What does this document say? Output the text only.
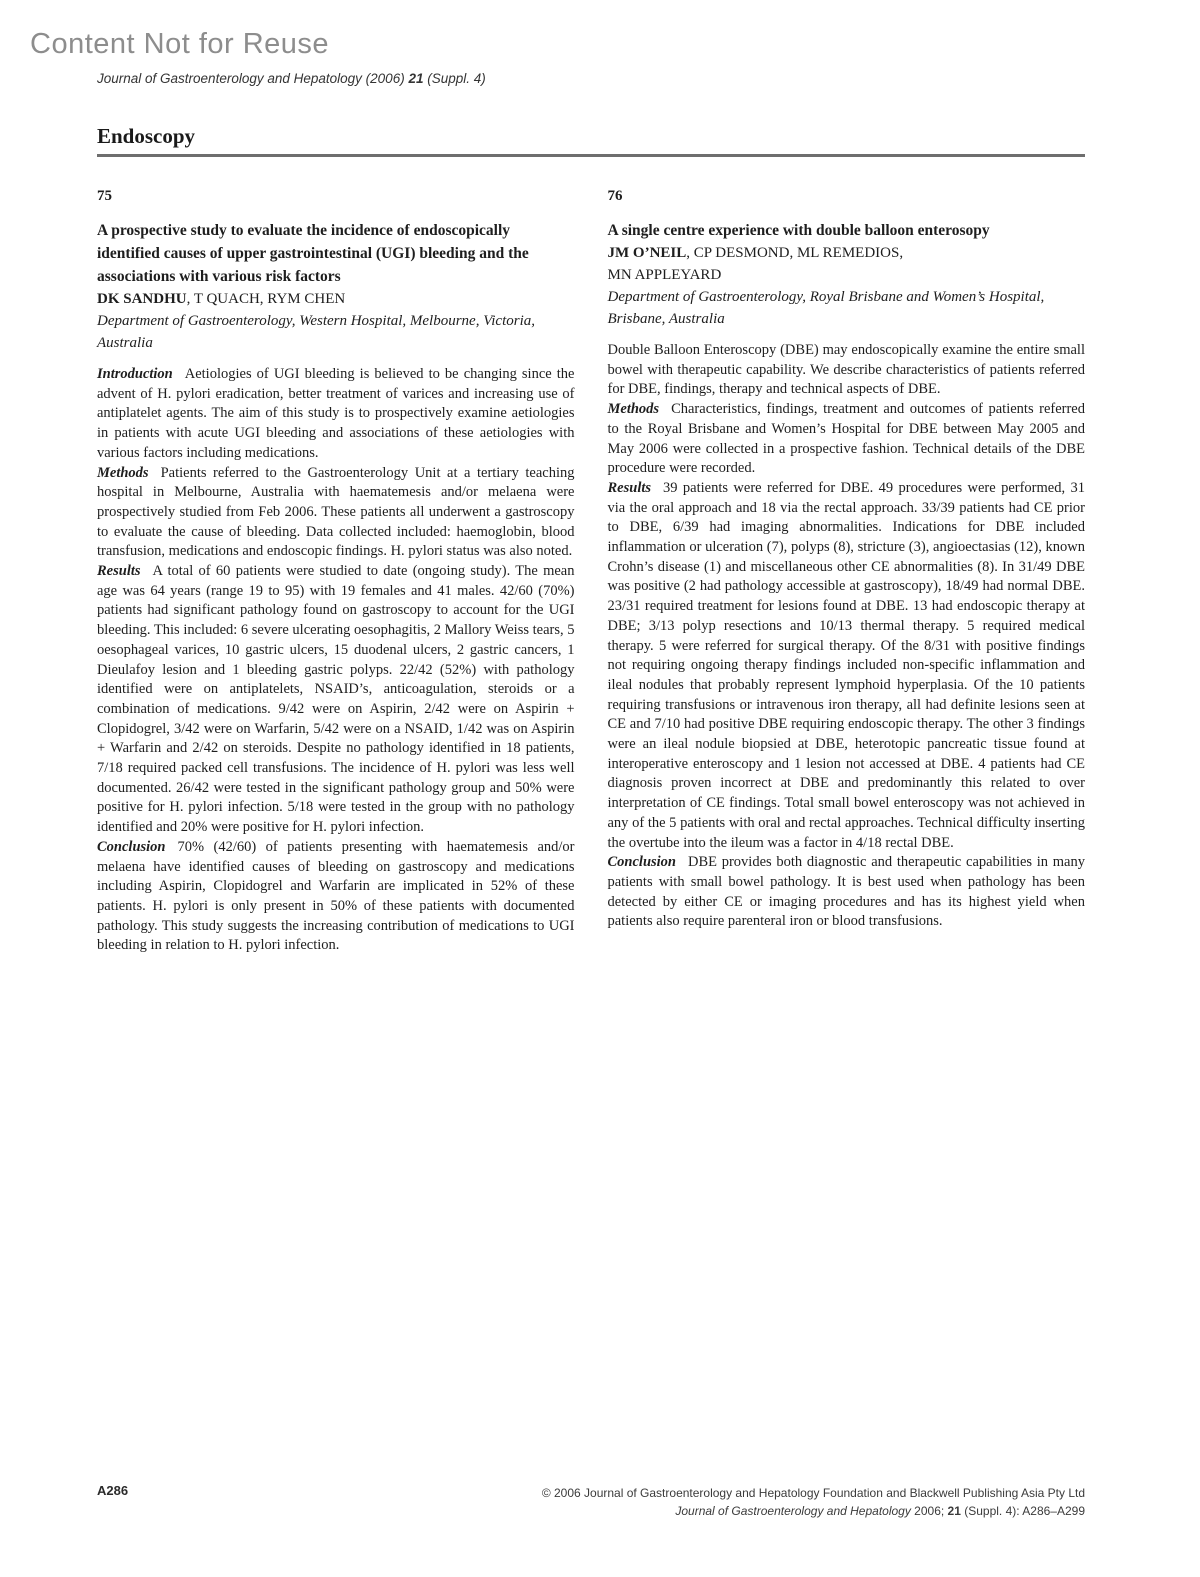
Content Not for Reuse
Journal of Gastroenterology and Hepatology (2006) 21 (Suppl. 4)
Endoscopy

75

A prospective study to evaluate the incidence of endoscopically identified causes of upper gastrointestinal (UGI) bleeding and the associations with various risk factors

DK SANDHU, T QUACH, RYM CHEN

Department of Gastroenterology, Western Hospital, Melbourne, Victoria, Australia

Introduction Aetiologies of UGI bleeding is believed to be changing since the advent of H. pylori eradication, better treatment of varices and increasing use of antiplatelet agents. The aim of this study is to prospectively examine aetiologies in patients with acute UGI bleeding and associations of these aetiologies with various factors including medications.

Methods Patients referred to the Gastroenterology Unit at a tertiary teaching hospital in Melbourne, Australia with haematemesis and/or melaena were prospectively studied from Feb 2006. These patients all underwent a gastroscopy to evaluate the cause of bleeding. Data collected included: haemoglobin, blood transfusion, medications and endoscopic findings. H. pylori status was also noted.

Results A total of 60 patients were studied to date (ongoing study). The mean age was 64 years (range 19 to 95) with 19 females and 41 males. 42/60 (70%) patients had significant pathology found on gastroscopy to account for the UGI bleeding. This included: 6 severe ulcerating oesophagitis, 2 Mallory Weiss tears, 5 oesophageal varices, 10 gastric ulcers, 15 duodenal ulcers, 2 gastric cancers, 1 Dieulafoy lesion and 1 bleeding gastric polyps. 22/42 (52%) with pathology identified were on antiplatelets, NSAID’s, anticoagulation, steroids or a combination of medications. 9/42 were on Aspirin, 2/42 were on Aspirin + Clopidogrel, 3/42 were on Warfarin, 5/42 were on a NSAID, 1/42 was on Aspirin + Warfarin and 2/42 on steroids. Despite no pathology identified in 18 patients, 7/18 required packed cell transfusions. The incidence of H. pylori was less well documented. 26/42 were tested in the significant pathology group and 50% were positive for H. pylori infection. 5/18 were tested in the group with no pathology identified and 20% were positive for H. pylori infection.

Conclusion 70% (42/60) of patients presenting with haematemesis and/or melaena have identified causes of bleeding on gastroscopy and medications including Aspirin, Clopidogrel and Warfarin are implicated in 52% of these patients. H. pylori is only present in 50% of these patients with documented pathology. This study suggests the increasing contribution of medications to UGI bleeding in relation to H. pylori infection.

76

A single centre experience with double balloon enterosopy

JM O’NEIL, CP DESMOND, ML REMEDIOS,
MN APPLEYARD

Department of Gastroenterology, Royal Brisbane and Women’s Hospital, Brisbane, Australia

Double Balloon Enteroscopy (DBE) may endoscopically examine the entire small bowel with therapeutic capability. We describe characteristics of patients referred for DBE, findings, therapy and technical aspects of DBE.

Methods Characteristics, findings, treatment and outcomes of patients referred to the Royal Brisbane and Women’s Hospital for DBE between May 2005 and May 2006 were collected in a prospective fashion. Technical details of the DBE procedure were recorded.

Results 39 patients were referred for DBE. 49 procedures were performed, 31 via the oral approach and 18 via the rectal approach. 33/39 patients had CE prior to DBE, 6/39 had imaging abnormalities. Indications for DBE included inflammation or ulceration (7), polyps (8), stricture (3), angioectasias (12), known Crohn’s disease (1) and miscellaneous other CE abnormalities (8). In 31/49 DBE was positive (2 had pathology accessible at gastroscopy), 18/49 had normal DBE. 23/31 required treatment for lesions found at DBE. 13 had endoscopic therapy at DBE; 3/13 polyp resections and 10/13 thermal therapy. 5 required medical therapy. 5 were referred for surgical therapy. Of the 8/31 with positive findings not requiring ongoing therapy findings included non-specific inflammation and ileal nodules that probably represent lymphoid hyperplasia. Of the 10 patients requiring transfusions or intravenous iron therapy, all had definite lesions seen at CE and 7/10 had positive DBE requiring endoscopic therapy. The other 3 findings were an ileal nodule biopsied at DBE, heterotopic pancreatic tissue found at interoperative enteroscopy and 1 lesion not accessed at DBE. 4 patients had CE diagnosis proven incorrect at DBE and predominantly this related to over interpretation of CE findings. Total small bowel enteroscopy was not achieved in any of the 5 patients with oral and rectal approaches. Technical difficulty inserting the overtube into the ileum was a factor in 4/18 rectal DBE.

Conclusion DBE provides both diagnostic and therapeutic capabilities in many patients with small bowel pathology. It is best used when pathology has been detected by either CE or imaging procedures and has its highest yield when patients also require parenteral iron or blood transfusions.

A286	© 2006 Journal of Gastroenterology and Hepatology Foundation and Blackwell Publishing Asia Pty Ltd
Journal of Gastroenterology and Hepatology 2006; 21 (Suppl. 4): A286–A299
